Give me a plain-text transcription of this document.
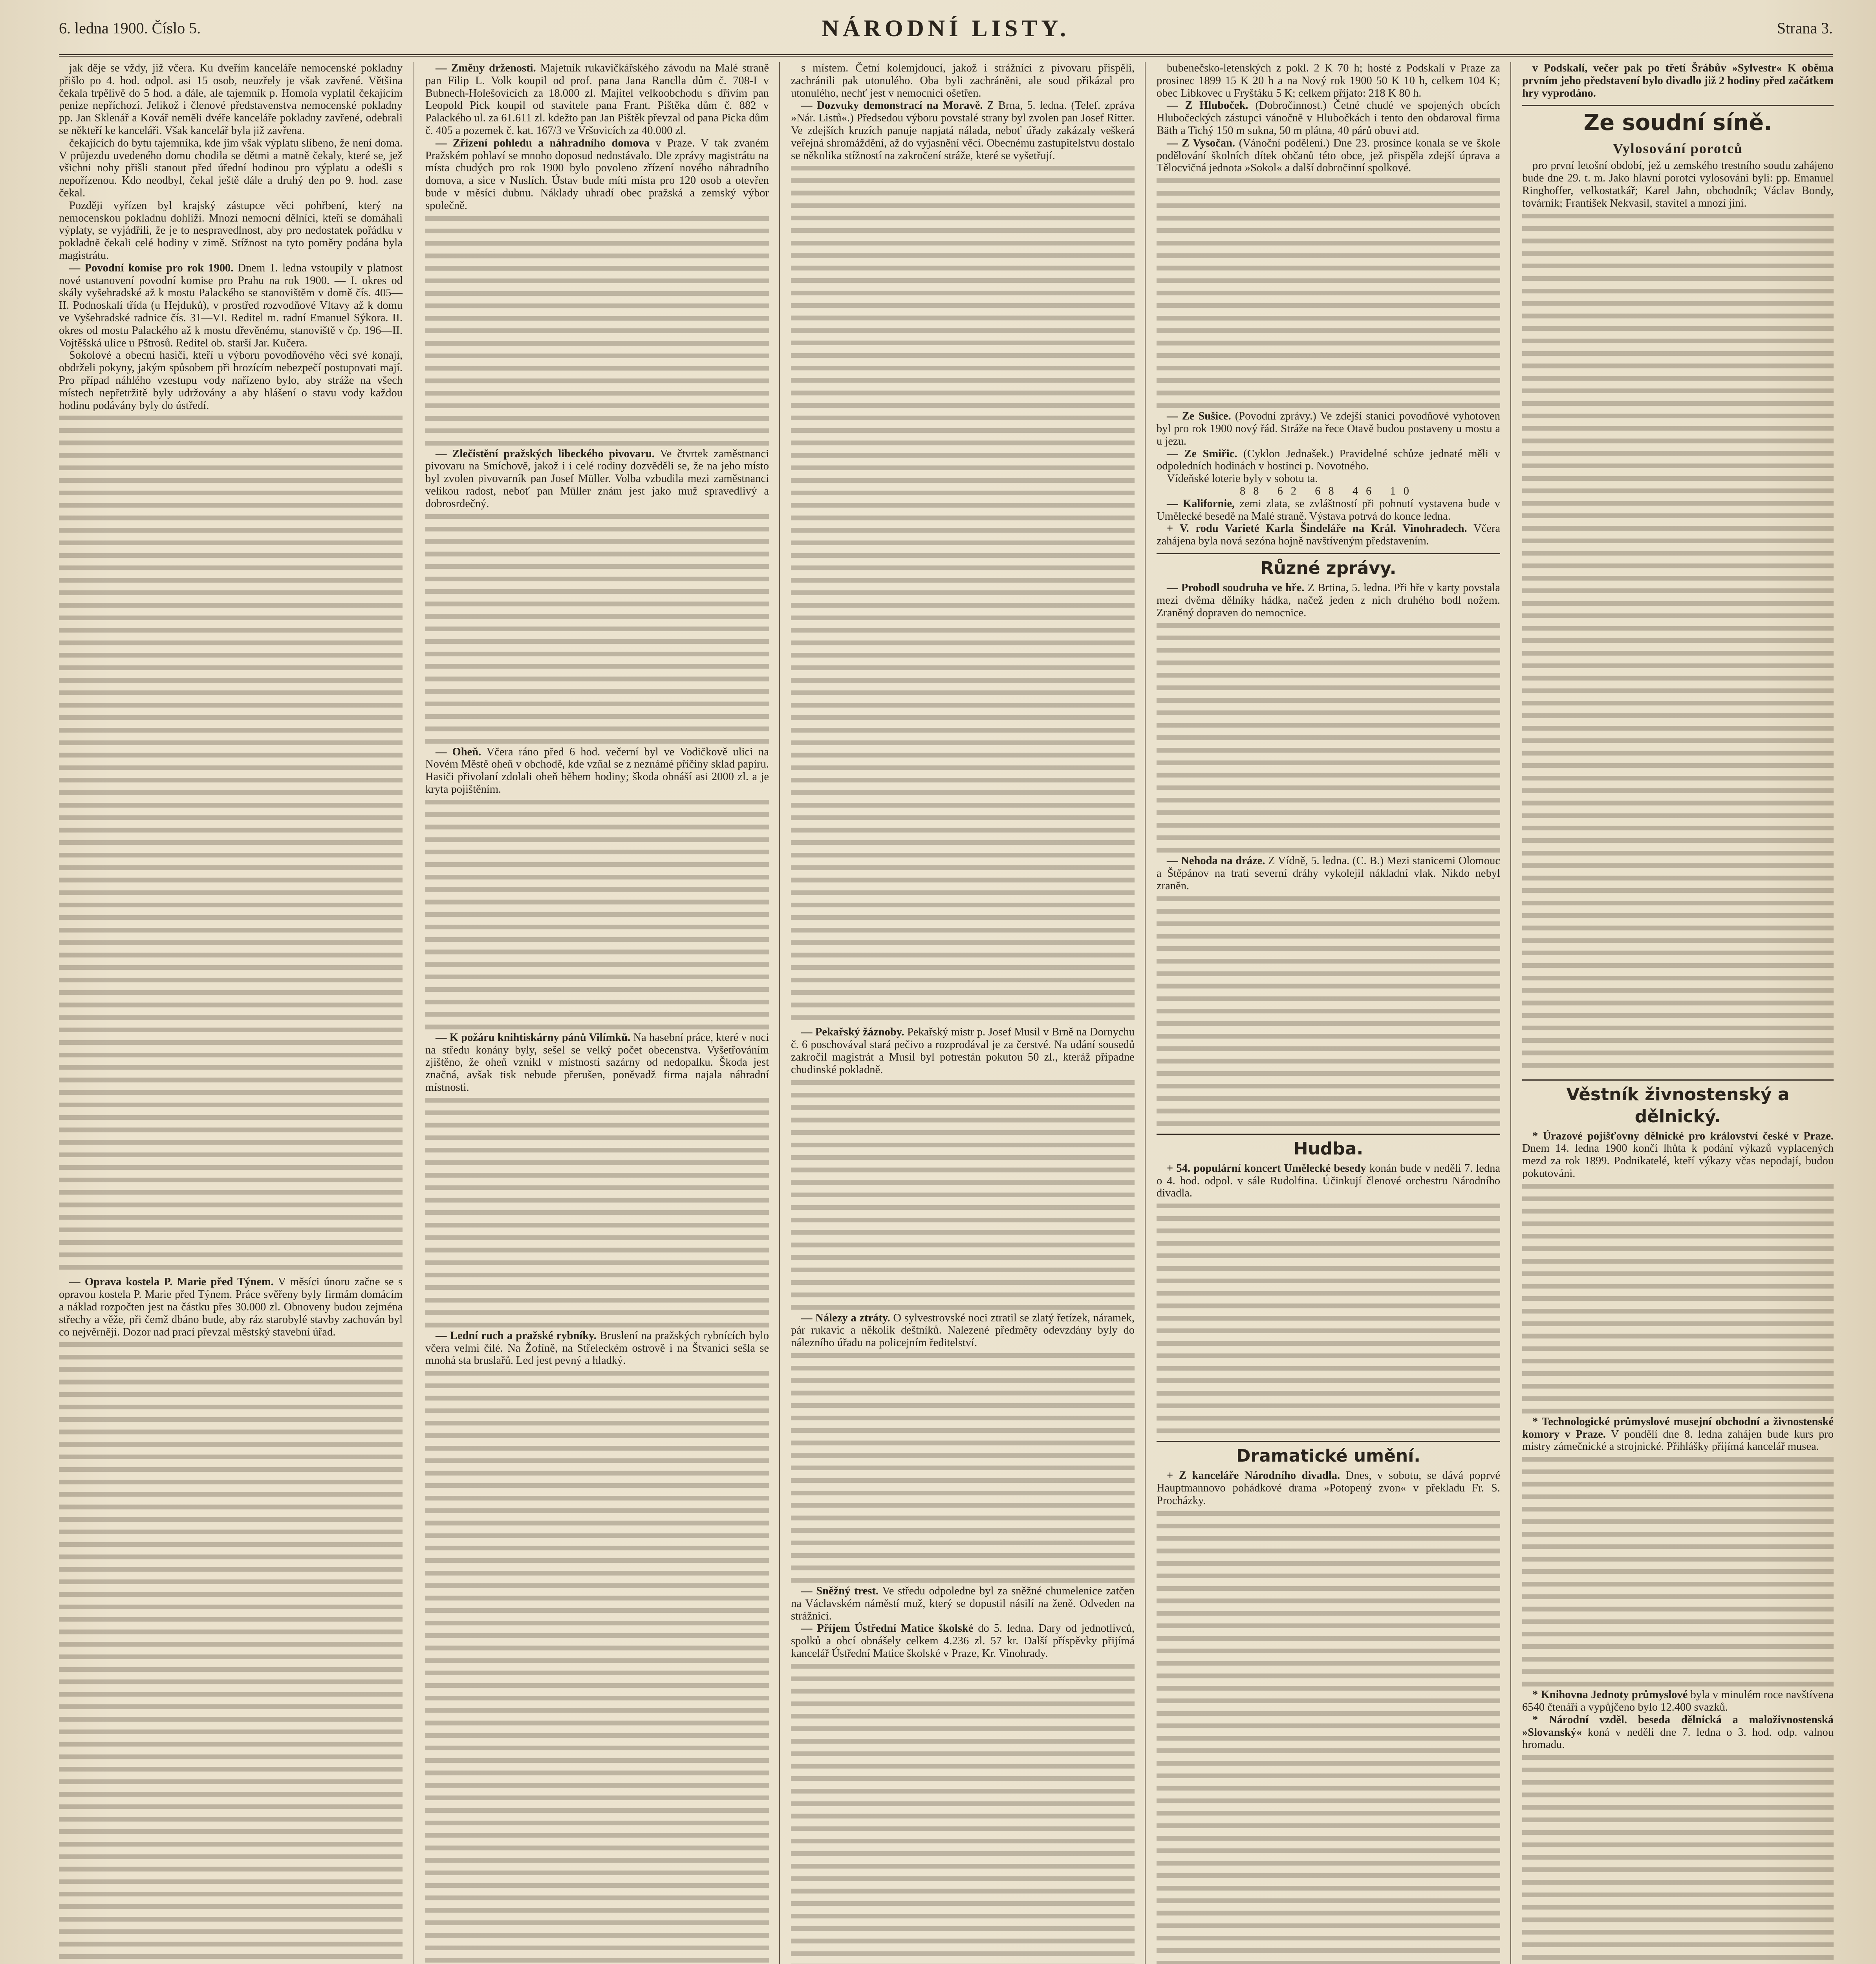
6. ledna 1900. Číslo 5.	NÁRODNÍ LISTY.	Strana 3.

jak děje se vždy, již včera. Ku dveřím kanceláře nemocenské pokladny přišlo po 4. hod. odpol. asi 15 osob, neuzřely je však zavřené. Většina čekala trpělivě do 5 hod. a dále, ale tajemník p. Homola vyplatil čekajícím penize nepříchozí. Jelikož i členové představenstva nemocenské pokladny pp. Jan Sklenář a Kovář neměli dvéře kanceláře pokladny zavřené, odebrali se někteří ke kanceláři. Však kancelář byla již zavřena.

čekajících do bytu tajemníka, kde jim však výplatu slíbeno, že není doma. V průjezdu uvedeného domu chodila se dětmi a matně čekaly, které se, jež všichni nohy přišli stanout před úřední hodinou pro výplatu a odešli s nepořízenou. Kdo neodbyl, čekal ještě dále a druhý den po 9. hod. zase čekal.

Později vyřízen byl krajský zástupce věci pohřbení, který na nemocenskou pokladnu dohlíží. Mnozí nemocní dělníci, kteří se domáhali výplaty, se vyjádřili, že je to nespravedlnost, aby pro nedostatek pořádku v pokladně čekali celé hodiny v zimě. Stížnost na tyto poměry podána byla magistrátu.

— Povodní komise pro rok 1900. Dnem 1. ledna vstoupily v platnost nové ustanovení povodní komise pro Prahu na rok 1900. — I. okres od skály vyšehradské až k mostu Palackého se stanovištěm v domě čís. 405—II. Podnoskalí třída (u Hejduků), v prostřed rozvodňové Vltavy až k domu ve Vyšehradské radnice čís. 31—VI. Reditel m. radní Emanuel Sýkora. II. okres od mostu Palackého až k mostu dřevěnému, stanoviště v čp. 196—II. Vojtěšská ulice u Pštrosů. Reditel ob. starší Jar. Kučera.

Sokolové a obecní hasiči, kteří u výboru povodňového věci své konají, obdrželi pokyny, jakým spůsobem při hrozícím nebezpečí postupovati mají. Pro případ náhlého vzestupu vody nařízeno bylo, aby stráže na všech místech nepřetržitě byly udržovány a aby hlášení o stavu vody každou hodinu podávány byly do ústředí.

— Oprava kostela P. Marie před Týnem. V měsíci únoru začne se s opravou kostela P. Marie před Týnem. Práce svěřeny byly firmám domácím a náklad rozpočten jest na částku přes 30.000 zl. Obnoveny budou zejména střechy a věže, při čemž dbáno bude, aby ráz starobylé stavby zachován byl co nejvěrněji. Dozor nad prací převzal městský stavební úřad.

— Změny drženosti. Majetník rukavičkářského závodu na Malé straně pan Filip L. Volk koupil od prof. pana Jana Ranclla dům č. 708-I v Bubnech-Holešovicích za 18.000 zl. Majitel velkoobchodu s dřívím pan Leopold Pick koupil od stavitele pana Frant. Pištěka dům č. 882 v Palackého ul. za 61.611 zl. kdežto pan Jan Pištěk převzal od pana Picka dům č. 405 a pozemek č. kat. 167/3 ve Vršovicích za 40.000 zl.

— Zřízení pohledu a náhradního domova v Praze. V tak zvaném Pražském pohlaví se mnoho doposud nedostávalo. Dle zprávy magistrátu na místa chudých pro rok 1900 bylo povoleno zřízení nového náhradního domova, a sice v Nuslích. Ústav bude míti místa pro 120 osob a otevřen bude v měsíci dubnu. Náklady uhradí obec pražská a zemský výbor společně.

— Zlečistění pražských libeckého pivovaru. Ve čtvrtek zaměstnanci pivovaru na Smíchově, jakož i i celé rodiny dozvěděli se, že na jeho místo byl zvolen pivovarník pan Josef Müller. Volba vzbudila mezi zaměstnanci velikou radost, neboť pan Müller znám jest jako muž spravedlivý a dobrosrdečný.

— Oheň. Včera ráno před 6 hod. večerní byl ve Vodičkově ulici na Novém Městě oheň v obchodě, kde vzňal se z neznámé příčiny sklad papíru. Hasiči přivolaní zdolali oheň během hodiny; škoda obnáší asi 2000 zl. a je kryta pojištěním.

— K požáru knihtiskárny pánů Vilímků. Na hasební práce, které v noci na středu konány byly, sešel se velký počet obecenstva. Vyšetřováním zjištěno, že oheň vznikl v místnosti sazárny od nedopalku. Škoda jest značná, avšak tisk nebude přerušen, poněvadž firma najala náhradní místnosti.

— Lední ruch a pražské rybníky. Bruslení na pražských rybnících bylo včera velmi čilé. Na Žofíně, na Střeleckém ostrově i na Štvanici sešla se mnohá sta bruslařů. Led jest pevný a hladký.

s místem. Četní kolemjdoucí, jakož i strážníci z pivovaru přispěli, zachránili pak utonulého. Oba byli zachráněni, ale soud přikázal pro utonulého, nechť jest v nemocnici ošetřen.

— Dozvuky demonstrací na Moravě. Z Brna, 5. ledna. (Telef. zpráva »Nár. Listů«.) Předsedou výboru povstalé strany byl zvolen pan Josef Ritter. Ve zdejších kruzích panuje napjatá nálada, neboť úřady zakázaly veškerá veřejná shromáždění, až do vyjasnění věci. Obecnému zastupitelstvu dostalo se několika stížností na zakročení stráže, které se vyšetřují.

— Pekařský žáznoby. Pekařský mistr p. Josef Musil v Brně na Dornychu č. 6 poschovával stará pečivo a rozprodával je za čerstvé. Na udání sousedů zakročil magistrát a Musil byl potrestán pokutou 50 zl., kteráž připadne chudinské pokladně.

— Nálezy a ztráty. O sylvestrovské noci ztratil se zlatý řetízek, náramek, pár rukavic a několik deštníků. Nalezené předměty odevzdány byly do nálezního úřadu na policejním ředitelství.

— Sněžný trest. Ve středu odpoledne byl za sněžné chumelenice zatčen na Václavském náměstí muž, který se dopustil násilí na ženě. Odveden na strážnici.

— Příjem Ústřední Matice školské do 5. ledna. Dary od jednotlivců, spolků a obcí obnášely celkem 4.236 zl. 57 kr. Další příspěvky přijímá kancelář Ústřední Matice školské v Praze, Kr. Vinohrady.

bubenečsko-letenských z pokl. 2 K 70 h; hosté z Podskalí v Praze za prosinec 1899 15 K 20 h a na Nový rok 1900 50 K 10 h, celkem 104 K; obec Libkovec u Fryštáku 5 K; celkem příjato: 218 K 80 h.

— Z Hluboček. (Dobročinnost.) Četné chudé ve spojených obcích Hlubočeckých zástupci vánočně v Hlubočkách i tento den obdaroval firma Bäth a Tichý 150 m sukna, 50 m plátna, 40 párů obuvi atd.

— Z Vysočan. (Vánoční podělení.) Dne 23. prosince konala se ve škole podělování školních dítek občanů této obce, jež přispěla zdejší úprava a Tělocvičná jednota »Sokol« a další dobročinní spolkové.

— Ze Sušice. (Povodní zprávy.) Ve zdejší stanici povodňové vyhotoven byl pro rok 1900 nový řád. Stráže na řece Otavě budou postaveny u mostu a u jezu.

— Ze Smiřic. (Cyklon Jednašek.) Pravidelné schůze jednaté měli v odpoledních hodinách v hostinci p. Novotného.

Vídeňské loterie byly v sobotu ta.

88 62 68 46 10

— Kalifornie, zemi zlata, se zvláštností při pohnutí vystavena bude v Umělecké besedě na Malé straně. Výstava potrvá do konce ledna.

+ V. rodu Varieté Karla Šindeláře na Král. Vinohradech. Včera zahájena byla nová sezóna hojně navštíveným představením.

Různé zprávy.

— Probodl soudruha ve hře. Z Brtina, 5. ledna. Při hře v karty povstala mezi dvěma dělníky hádka, načež jeden z nich druhého bodl nožem. Zraněný dopraven do nemocnice.

— Nehoda na dráze. Z Vídně, 5. ledna. (C. B.) Mezi stanicemi Olomouc a Štěpánov na trati severní dráhy vykolejil nákladní vlak. Nikdo nebyl zraněn.

Hudba.

+ 54. populární koncert Umělecké besedy konán bude v neděli 7. ledna o 4. hod. odpol. v sále Rudolfina. Účinkují členové orchestru Národního divadla.

Dramatické umění.

+ Z kanceláře Národního divadla. Dnes, v sobotu, se dává poprvé Hauptmannovo pohádkové drama »Potopený zvon« v překladu Fr. S. Procházky.

v Podskalí, večer pak po třetí Šrábův »Sylvestr« K oběma prvním jeho představení bylo divadlo již 2 hodiny před začátkem hry vyprodáno.

Ze soudní síně.
Vylosování porotců

pro první letošní období, jež u zemského trestního soudu zahájeno bude dne 29. t. m. Jako hlavní porotci vylosováni byli: pp. Emanuel Ringhoffer, velkostatkář; Karel Jahn, obchodník; Václav Bondy, továrník; František Nekvasil, stavitel a mnozí jiní.

Věstník živnostenský a dělnický.

* Úrazové pojišťovny dělnické pro království české v Praze. Dnem 14. ledna 1900 končí lhůta k podání výkazů vyplacených mezd za rok 1899. Podnikatelé, kteří výkazy včas nepodají, budou pokutováni.

* Technologické průmyslové musejní obchodní a živnostenské komory v Praze. V pondělí dne 8. ledna zahájen bude kurs pro mistry zámečnické a strojnické. Přihlášky přijímá kancelář musea.

* Knihovna Jednoty průmyslové byla v minulém roce navštívena 6540 čtenáři a vypůjčeno bylo 12.400 svazků.

* Národní vzděl. beseda dělnická a maloživnostenská »Slovanský« koná v neděli dne 7. ledna o 3. hod. odp. valnou hromadu.
